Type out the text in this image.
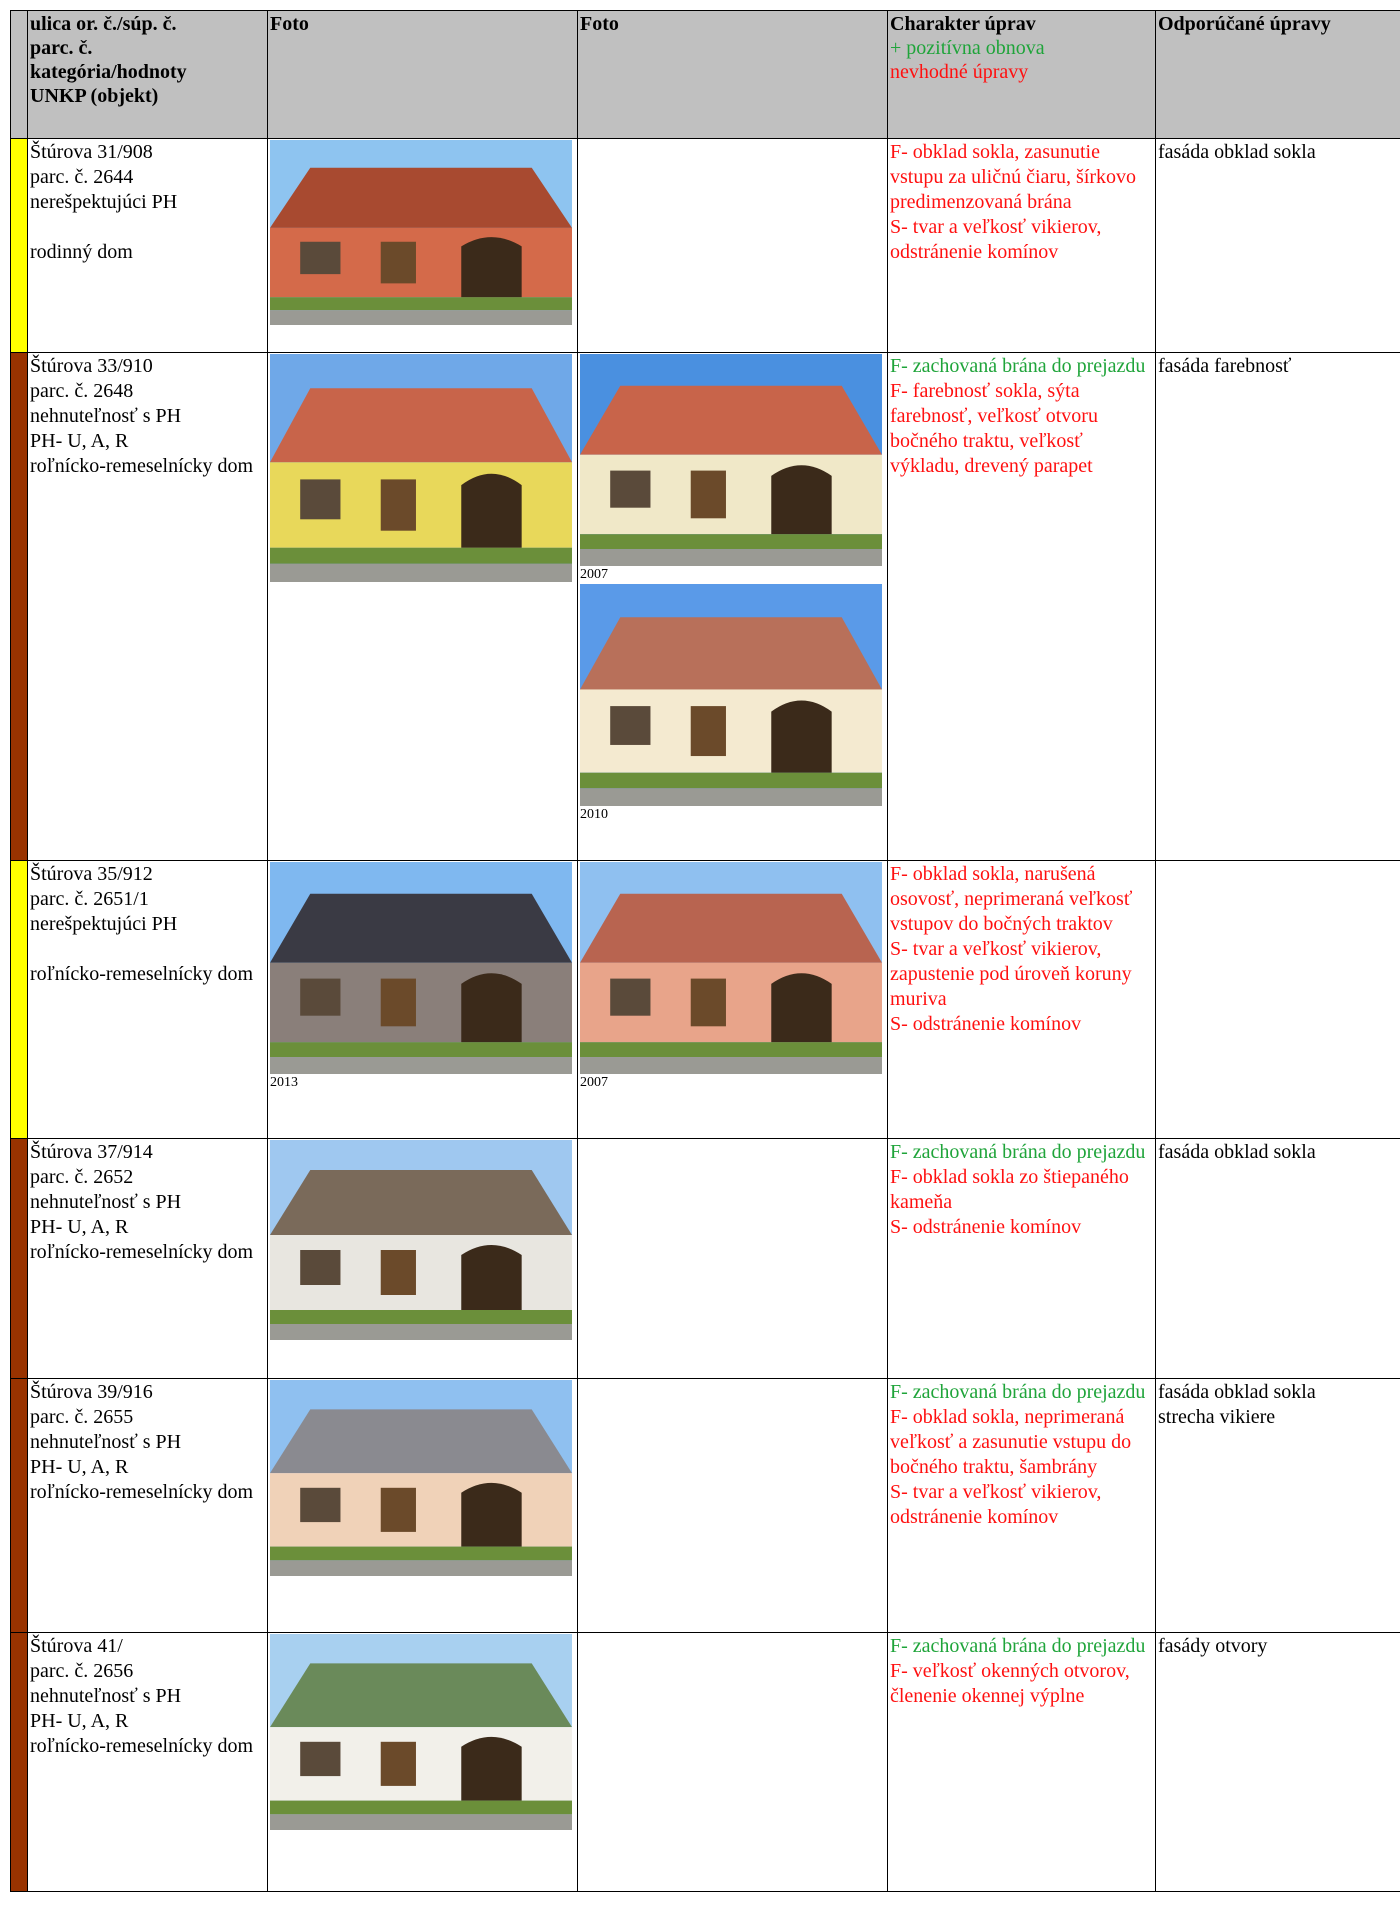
	ulica or. č./súp. č.
parc. č.
kategória/hodnoty
UNKP (objekt)	Foto	Foto	Charakter úprav
+ pozitívna obnova
nevhodné úpravy	Odporúčané úpravy

	Štúrova 31/908
parc. č. 2644
nerešpektujúci PH
rodinný dom			F- obklad sokla, zasunutie vstupu za uličnú čiaru, šírkovo predimenzovaná brána
S- tvar a veľkosť vikierov, odstránenie komínov	fasáda obklad sokla

	Štúrova 33/910
parc. č. 2648
nehnuteľnosť s PH
PH- U, A, R
roľnícko-remeselnícky dom		2007
2010	F- zachovaná brána do prejazdu
F- farebnosť sokla, sýta farebnosť, veľkosť otvoru bočného traktu, veľkosť výkladu, drevený parapet	fasáda farebnosť

	Štúrova 35/912
parc. č. 2651/1
nerešpektujúci PH
roľnícko-remeselnícky dom	2013	2007	F- obklad sokla, narušená osovosť, neprimeraná veľkosť vstupov do bočných traktov
S- tvar a veľkosť vikierov, zapustenie pod úroveň koruny muriva
S- odstránenie komínov	

	Štúrova 37/914
parc. č. 2652
nehnuteľnosť s PH
PH- U, A, R
roľnícko-remeselnícky dom			F- zachovaná brána do prejazdu
F- obklad sokla zo štiepaného kameňa
S- odstránenie komínov	fasáda obklad sokla

	Štúrova 39/916
parc. č. 2655
nehnuteľnosť s PH
PH- U, A, R
roľnícko-remeselnícky dom			F- zachovaná brána do prejazdu
F- obklad sokla, neprimeraná veľkosť a zasunutie vstupu do bočného traktu, šambrány
S- tvar a veľkosť vikierov, odstránenie komínov	fasáda obklad sokla
strecha vikiere

	Štúrova 41/
parc. č. 2656
nehnuteľnosť s PH
PH- U, A, R
roľnícko-remeselnícky dom			F- zachovaná brána do prejazdu
F- veľkosť okenných otvorov, členenie okennej výplne	fasády otvory
